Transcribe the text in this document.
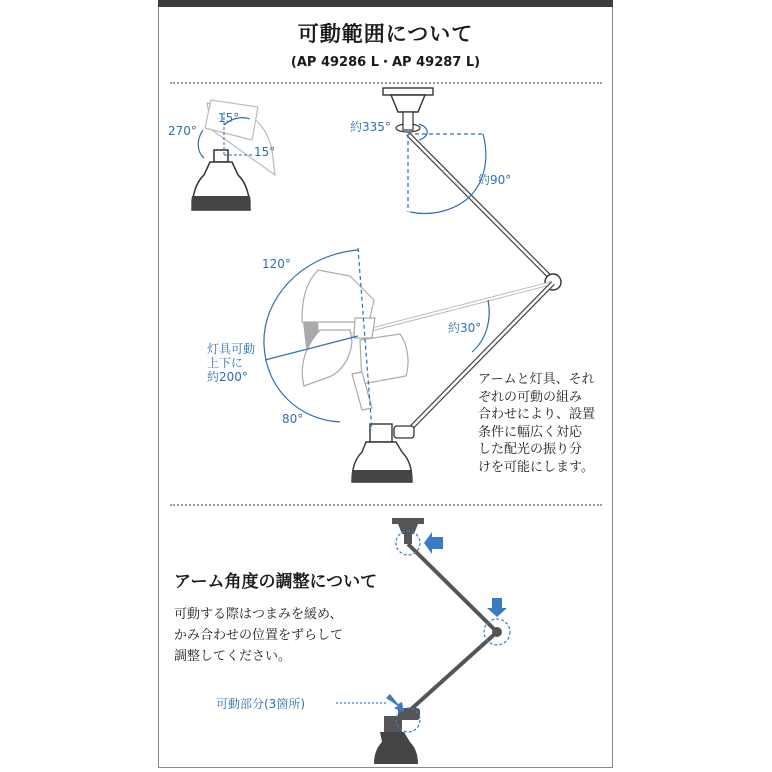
可動範囲について
(AP 49286 L・AP 49287 L)
270°
15°
15°
約335°
約90°
120°
約30°
灯具可動
上下に
約200°
80°
アームと灯具、それ
ぞれの可動の組み
合わせにより、設置
条件に幅広く対応
した配光の振り分
けを可能にします。
アーム角度の調整について
可動する際はつまみを緩め、
かみ合わせの位置をずらして
調整してください。
可動部分(3箇所)
